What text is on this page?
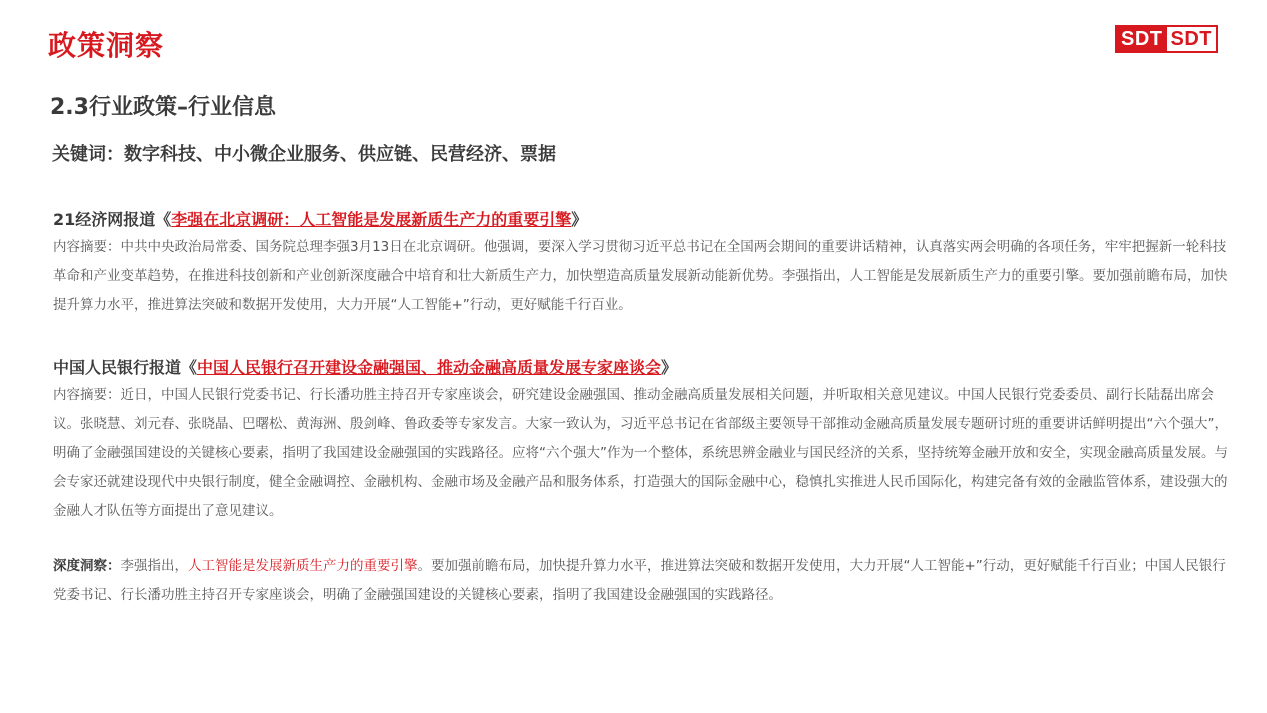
政策洞察	SDT SDT
2.3行业政策–行业信息
关键词：数字科技、中小微企业服务、供应链、民营经济、票据
21经济网报道《李强在北京调研：人工智能是发展新质生产力的重要引擎》
内容摘要：中共中央政治局常委、国务院总理李强3月13日在北京调研。他强调，要深入学习贯彻习近平总书记在全国两会期间的重要讲话精神，认真落实两会明确的各项任务，牢牢把握新一轮科技革命和产业变革趋势，在推进科技创新和产业创新深度融合中培育和壮大新质生产力，加快塑造高质量发展新动能新优势。李强指出，人工智能是发展新质生产力的重要引擎。要加强前瞻布局，加快提升算力水平，推进算法突破和数据开发使用，大力开展“人工智能+”行动，更好赋能千行百业。
中国人民银行报道《中国人民银行召开建设金融强国、推动金融高质量发展专家座谈会》
内容摘要：近日，中国人民银行党委书记、行长潘功胜主持召开专家座谈会，研究建设金融强国、推动金融高质量发展相关问题，并听取相关意见建议。中国人民银行党委委员、副行长陆磊出席会议。张晓慧、刘元春、张晓晶、巴曙松、黄海洲、殷剑峰、鲁政委等专家发言。大家一致认为，习近平总书记在省部级主要领导干部推动金融高质量发展专题研讨班的重要讲话鲜明提出“六个强大”，明确了金融强国建设的关键核心要素，指明了我国建设金融强国的实践路径。应将“六个强大”作为一个整体，系统思辨金融业与国民经济的关系，坚持统筹金融开放和安全，实现金融高质量发展。与会专家还就建设现代中央银行制度，健全金融调控、金融机构、金融市场及金融产品和服务体系，打造强大的国际金融中心，稳慎扎实推进人民币国际化，构建完备有效的金融监管体系，建设强大的金融人才队伍等方面提出了意见建议。
深度洞察：李强指出，人工智能是发展新质生产力的重要引擎。要加强前瞻布局，加快提升算力水平，推进算法突破和数据开发使用，大力开展“人工智能+”行动，更好赋能千行百业；中国人民银行党委书记、行长潘功胜主持召开专家座谈会，明确了金融强国建设的关键核心要素，指明了我国建设金融强国的实践路径。
